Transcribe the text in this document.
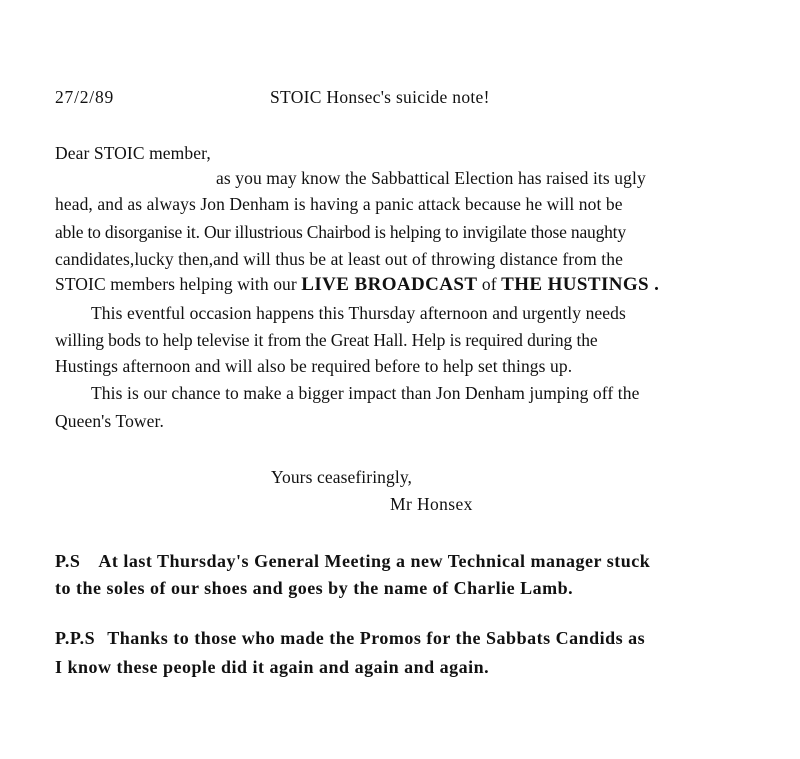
27/2/89	STOIC Honsec's suicide note!
Dear STOIC member,
as you may know the Sabbattical Election has raised its ugly
head, and as always Jon Denham is having a panic attack because he will not be
able to disorganise it. Our illustrious Chairbod is helping to invigilate those naughty
candidates,lucky then,and will thus be at least out of throwing distance from the
STOIC members helping with our LIVE BROADCAST of THE HUSTINGS .
This eventful occasion happens this Thursday afternoon and urgently needs
willing bods to help televise it from the Great Hall. Help is required during the
Hustings afternoon and will also be required before to help set things up.
This is our chance to make a bigger impact than Jon Denham jumping off the
Queen's Tower.
Yours ceasefiringly,
Mr Honsex
P.S At last Thursday's General Meeting a new Technical manager stuck
to the soles of our shoes and goes by the name of Charlie Lamb.
P.P.S Thanks to those who made the Promos for the Sabbats Candids as
I know these people did it again and again and again.
